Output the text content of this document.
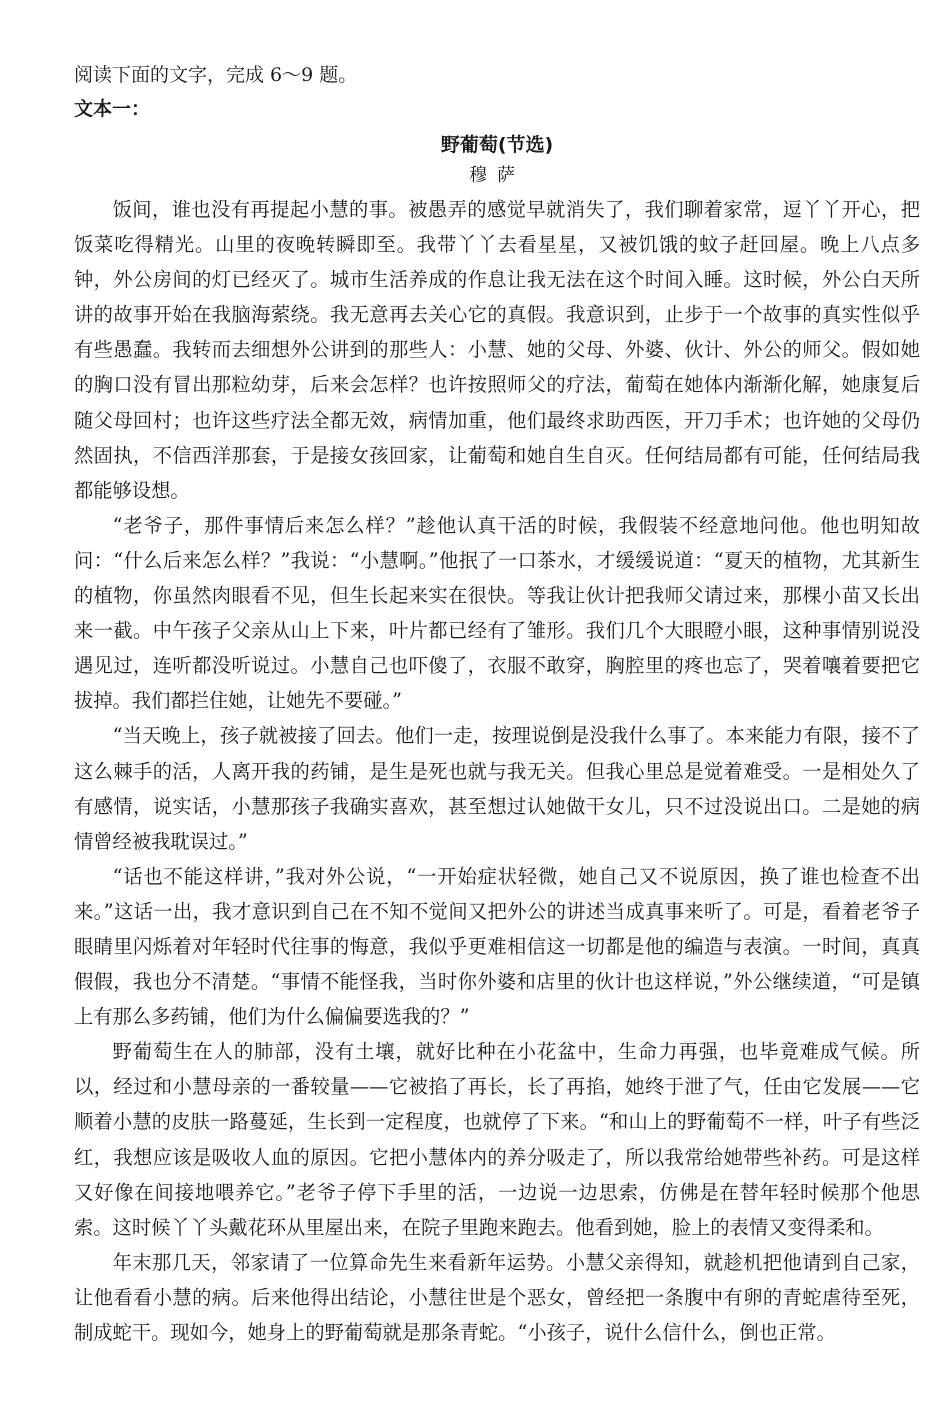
阅读下面的文字，完成 6～9 题。

文本一：

野葡萄(节选)

穆萨

饭间，谁也没有再提起小慧的事。被愚弄的感觉早就消失了，我们聊着家常，逗丫丫开心，把饭菜吃得精光。山里的夜晚转瞬即至。我带丫丫去看星星，又被饥饿的蚊子赶回屋。晚上八点多钟，外公房间的灯已经灭了。城市生活养成的作息让我无法在这个时间入睡。这时候，外公白天所讲的故事开始在我脑海萦绕。我无意再去关心它的真假。我意识到，止步于一个故事的真实性似乎有些愚蠢。我转而去细想外公讲到的那些人：小慧、她的父母、外婆、伙计、外公的师父。假如她的胸口没有冒出那粒幼芽，后来会怎样？也许按照师父的疗法，葡萄在她体内渐渐化解，她康复后随父母回村；也许这些疗法全都无效，病情加重，他们最终求助西医，开刀手术；也许她的父母仍然固执，不信西洋那套，于是接女孩回家，让葡萄和她自生自灭。任何结局都有可能，任何结局我都能够设想。

“老爷子，那件事情后来怎么样？”趁他认真干活的时候，我假装不经意地问他。他也明知故问：“什么后来怎么样？”我说：“小慧啊。”他抿了一口茶水，才缓缓说道：“夏天的植物，尤其新生的植物，你虽然肉眼看不见，但生长起来实在很快。等我让伙计把我师父请过来，那棵小苗又长出来一截。中午孩子父亲从山上下来，叶片都已经有了雏形。我们几个大眼瞪小眼，这种事情别说没遇见过，连听都没听说过。小慧自己也吓傻了，衣服不敢穿，胸腔里的疼也忘了，哭着嚷着要把它拔掉。我们都拦住她，让她先不要碰。”

“当天晚上，孩子就被接了回去。他们一走，按理说倒是没我什么事了。本来能力有限，接不了这么棘手的活，人离开我的药铺，是生是死也就与我无关。但我心里总是觉着难受。一是相处久了有感情，说实话，小慧那孩子我确实喜欢，甚至想过认她做干女儿，只不过没说出口。二是她的病情曾经被我耽误过。”

“话也不能这样讲，”我对外公说，“一开始症状轻微，她自己又不说原因，换了谁也检查不出来。”这话一出，我才意识到自己在不知不觉间又把外公的讲述当成真事来听了。可是，看着老爷子眼睛里闪烁着对年轻时代往事的悔意，我似乎更难相信这一切都是他的编造与表演。一时间，真真假假，我也分不清楚。“事情不能怪我，当时你外婆和店里的伙计也这样说，”外公继续道，“可是镇上有那么多药铺，他们为什么偏偏要选我的？”

野葡萄生在人的肺部，没有土壤，就好比种在小花盆中，生命力再强，也毕竟难成气候。所以，经过和小慧母亲的一番较量——它被掐了再长，长了再掐，她终于泄了气，任由它发展——它顺着小慧的皮肤一路蔓延，生长到一定程度，也就停了下来。“和山上的野葡萄不一样，叶子有些泛红，我想应该是吸收人血的原因。它把小慧体内的养分吸走了，所以我常给她带些补药。可是这样又好像在间接地喂养它。”老爷子停下手里的活，一边说一边思索，仿佛是在替年轻时候那个他思索。这时候丫丫头戴花环从里屋出来，在院子里跑来跑去。他看到她，脸上的表情又变得柔和。

年末那几天，邻家请了一位算命先生来看新年运势。小慧父亲得知，就趁机把他请到自己家，让他看看小慧的病。后来他得出结论，小慧往世是个恶女，曾经把一条腹中有卵的青蛇虐待至死，制成蛇干。现如今，她身上的野葡萄就是那条青蛇。“小孩子，说什么信什么，倒也正常。
